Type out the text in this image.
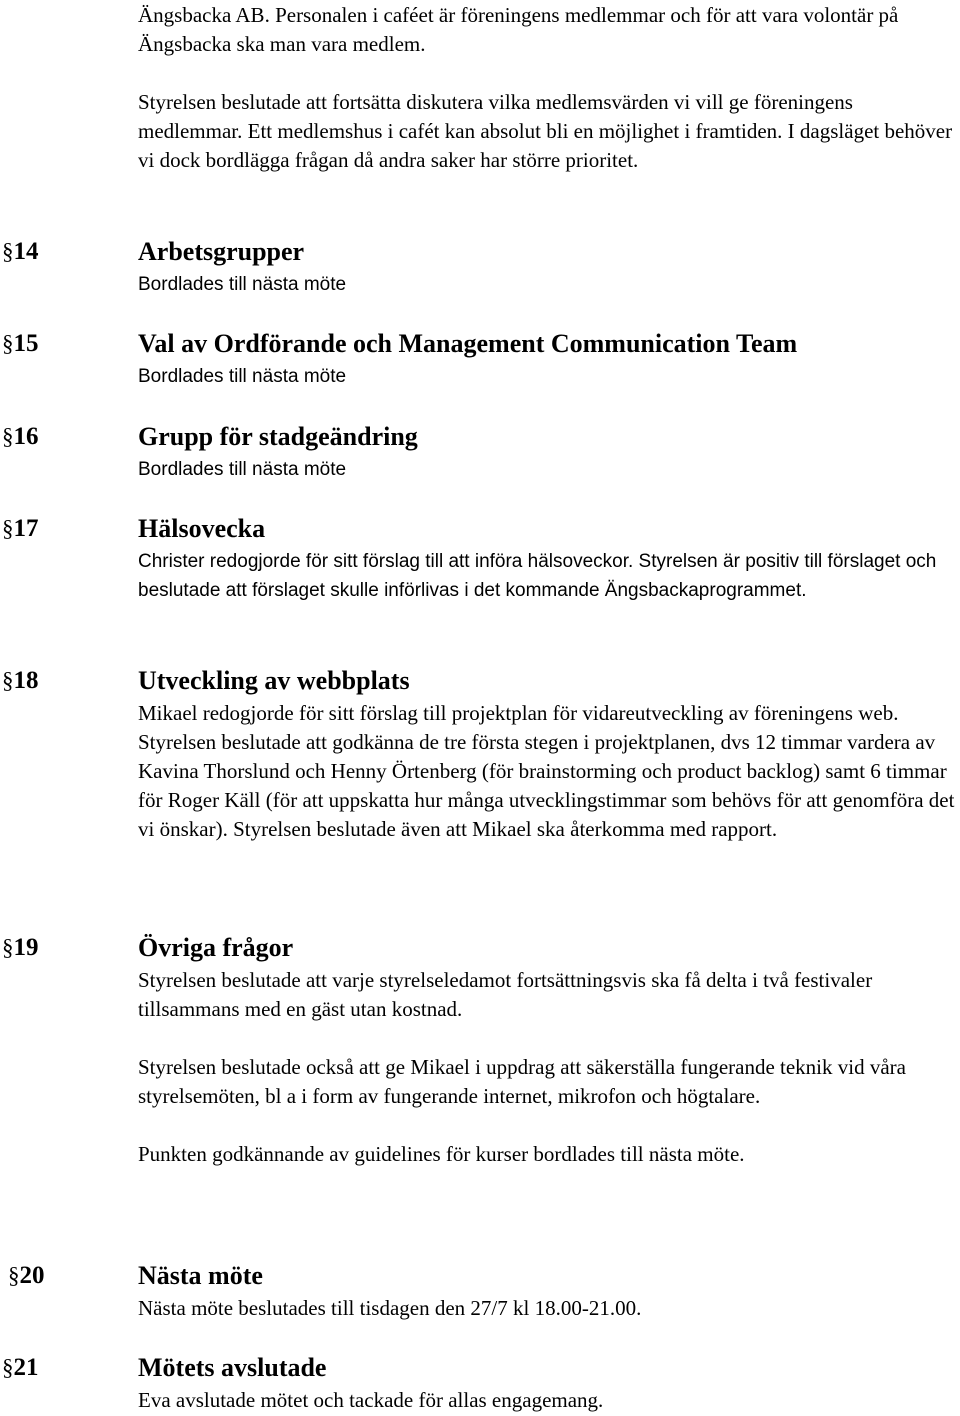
Ängsbacka AB. Personalen i caféet är föreningens medlemmar och för att vara volontär på Ängsbacka ska man vara medlem.

Styrelsen beslutade att fortsätta diskutera vilka medlemsvärden vi vill ge föreningens medlemmar. Ett medlemshus i cafét kan absolut bli en möjlighet i framtiden. I dagsläget behöver vi dock bordlägga frågan då andra saker har större prioritet.

§14	Arbetsgrupper

Bordlades till nästa möte

§15	Val av Ordförande och Management Communication Team

Bordlades till nästa möte

§16	Grupp för stadgeändring

Bordlades till nästa möte

§17	Hälsovecka

Christer redogjorde för sitt förslag till att införa hälsoveckor. Styrelsen är positiv till förslaget och beslutade att förslaget skulle införlivas i det kommande Ängsbackaprogrammet.

§18	Utveckling av webbplats

Mikael redogjorde för sitt förslag till projektplan för vidareutveckling av föreningens web. Styrelsen beslutade att godkänna de tre första stegen i projektplanen, dvs 12 timmar vardera av Kavina Thorslund och Henny Örtenberg (för brainstorming och product backlog) samt 6 timmar för Roger Käll (för att uppskatta hur många utvecklingstimmar som behövs för att genomföra det vi önskar). Styrelsen beslutade även att Mikael ska återkomma med rapport.

§19	Övriga frågor

Styrelsen beslutade att varje styrelseledamot fortsättningsvis ska få delta i två festivaler tillsammans med en gäst utan kostnad.

Styrelsen beslutade också att ge Mikael i uppdrag att säkerställa fungerande teknik vid våra styrelsemöten, bl a i form av fungerande internet, mikrofon och högtalare.

Punkten godkännande av guidelines för kurser bordlades till nästa möte.

§20	Nästa möte

Nästa möte beslutades till tisdagen den 27/7 kl 18.00-21.00.

§21	Mötets avslutade

Eva avslutade mötet och tackade för allas engagemang.
